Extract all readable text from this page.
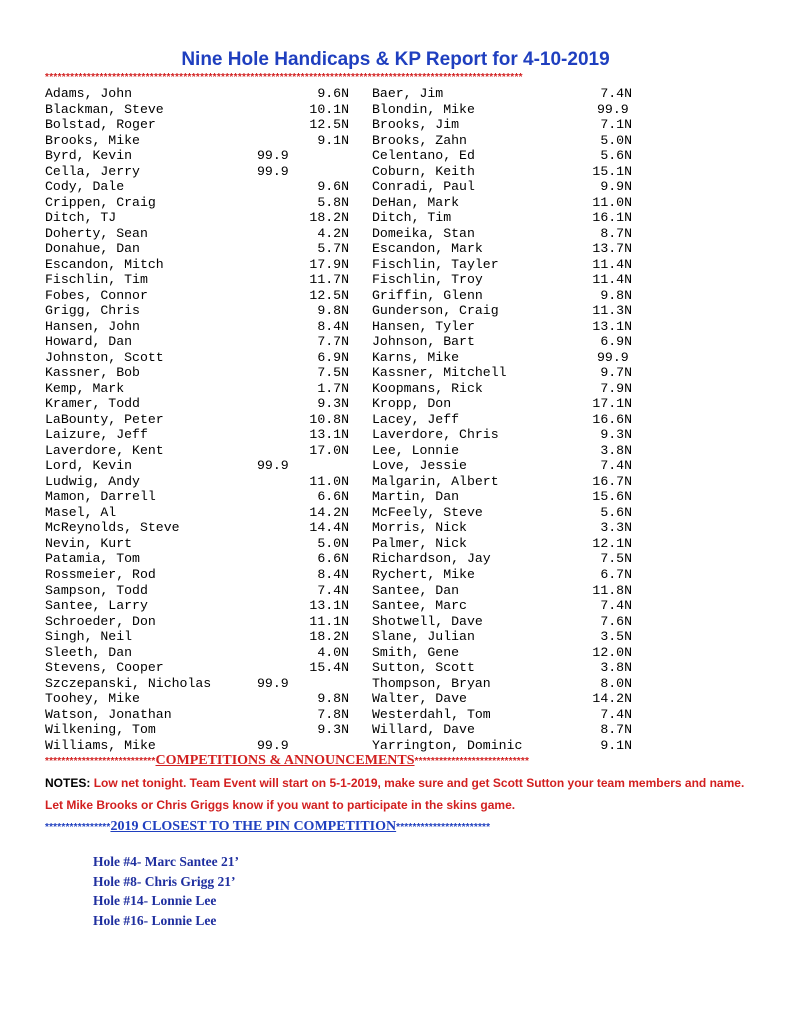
Nine Hole Handicaps & KP Report for 4-10-2019
******************************************************************************************************************
Adams, John	9.6N Baer, Jim	7.4N
Blackman, Steve	10.1N Blondin, Mike	99.9
Bolstad, Roger	12.5N Brooks, Jim	7.1N
Brooks, Mike	9.1N Brooks, Zahn	5.0N
Byrd, Kevin	99.9	Celentano, Ed	5.6N
Cella, Jerry	99.9	Coburn, Keith	15.1N
Cody, Dale	9.6N Conradi, Paul	9.9N
Crippen, Craig	5.8N DeHan, Mark	11.0N
Ditch, TJ	18.2N Ditch, Tim	16.1N
Doherty, Sean	4.2N Domeika, Stan	8.7N
Donahue, Dan	5.7N Escandon, Mark	13.7N
Escandon, Mitch	17.9N Fischlin, Tayler	11.4N
Fischlin, Tim	11.7N Fischlin, Troy	11.4N
Fobes, Connor	12.5N Griffin, Glenn	9.8N
Grigg, Chris	9.8N Gunderson, Craig	11.3N
Hansen, John	8.4N Hansen, Tyler	13.1N
Howard, Dan	7.7N Johnson, Bart	6.9N
Johnston, Scott	6.9N Karns, Mike	99.9
Kassner, Bob	7.5N Kassner, Mitchell	9.7N
Kemp, Mark	1.7N Koopmans, Rick	7.9N
Kramer, Todd	9.3N Kropp, Don	17.1N
LaBounty, Peter	10.8N Lacey, Jeff	16.6N
Laizure, Jeff	13.1N Laverdore, Chris	9.3N
Laverdore, Kent	17.0N Lee, Lonnie	3.8N
Lord, Kevin	99.9	Love, Jessie	7.4N
Ludwig, Andy	11.0N Malgarin, Albert	16.7N
Mamon, Darrell	6.6N Martin, Dan	15.6N
Masel, Al	14.2N McFeely, Steve	5.6N
McReynolds, Steve	14.4N Morris, Nick	3.3N
Nevin, Kurt	5.0N Palmer, Nick	12.1N
Patamia, Tom	6.6N Richardson, Jay	7.5N
Rossmeier, Rod	8.4N Rychert, Mike	6.7N
Sampson, Todd	7.4N Santee, Dan	11.8N
Santee, Larry	13.1N Santee, Marc	7.4N
Schroeder, Don	11.1N Shotwell, Dave	7.6N
Singh, Neil	18.2N Slane, Julian	3.5N
Sleeth, Dan	4.0N Smith, Gene	12.0N
Stevens, Cooper	15.4N Sutton, Scott	3.8N
Szczepanski, Nicholas	99.9	Thompson, Bryan	8.0N
Toohey, Mike	9.8N Walter, Dave	14.2N
Watson, Jonathan	7.8N Westerdahl, Tom	7.4N
Wilkening, Tom	9.3N Willard, Dave	8.7N
Williams, Mike	99.9	Yarrington, Dominic	9.1N
***************************COMPETITIONS & ANNOUNCEMENTS****************************
NOTES: Low net tonight. Team Event will start on 5-1-2019, make sure and get Scott Sutton your team members and name. Let Mike Brooks or Chris Griggs know if you want to participate in the skins game.
****************2019 CLOSEST TO THE PIN COMPETITION***********************
Hole #4- Marc Santee 21’
Hole #8- Chris Grigg 21’
Hole #14- Lonnie Lee
Hole #16- Lonnie Lee
